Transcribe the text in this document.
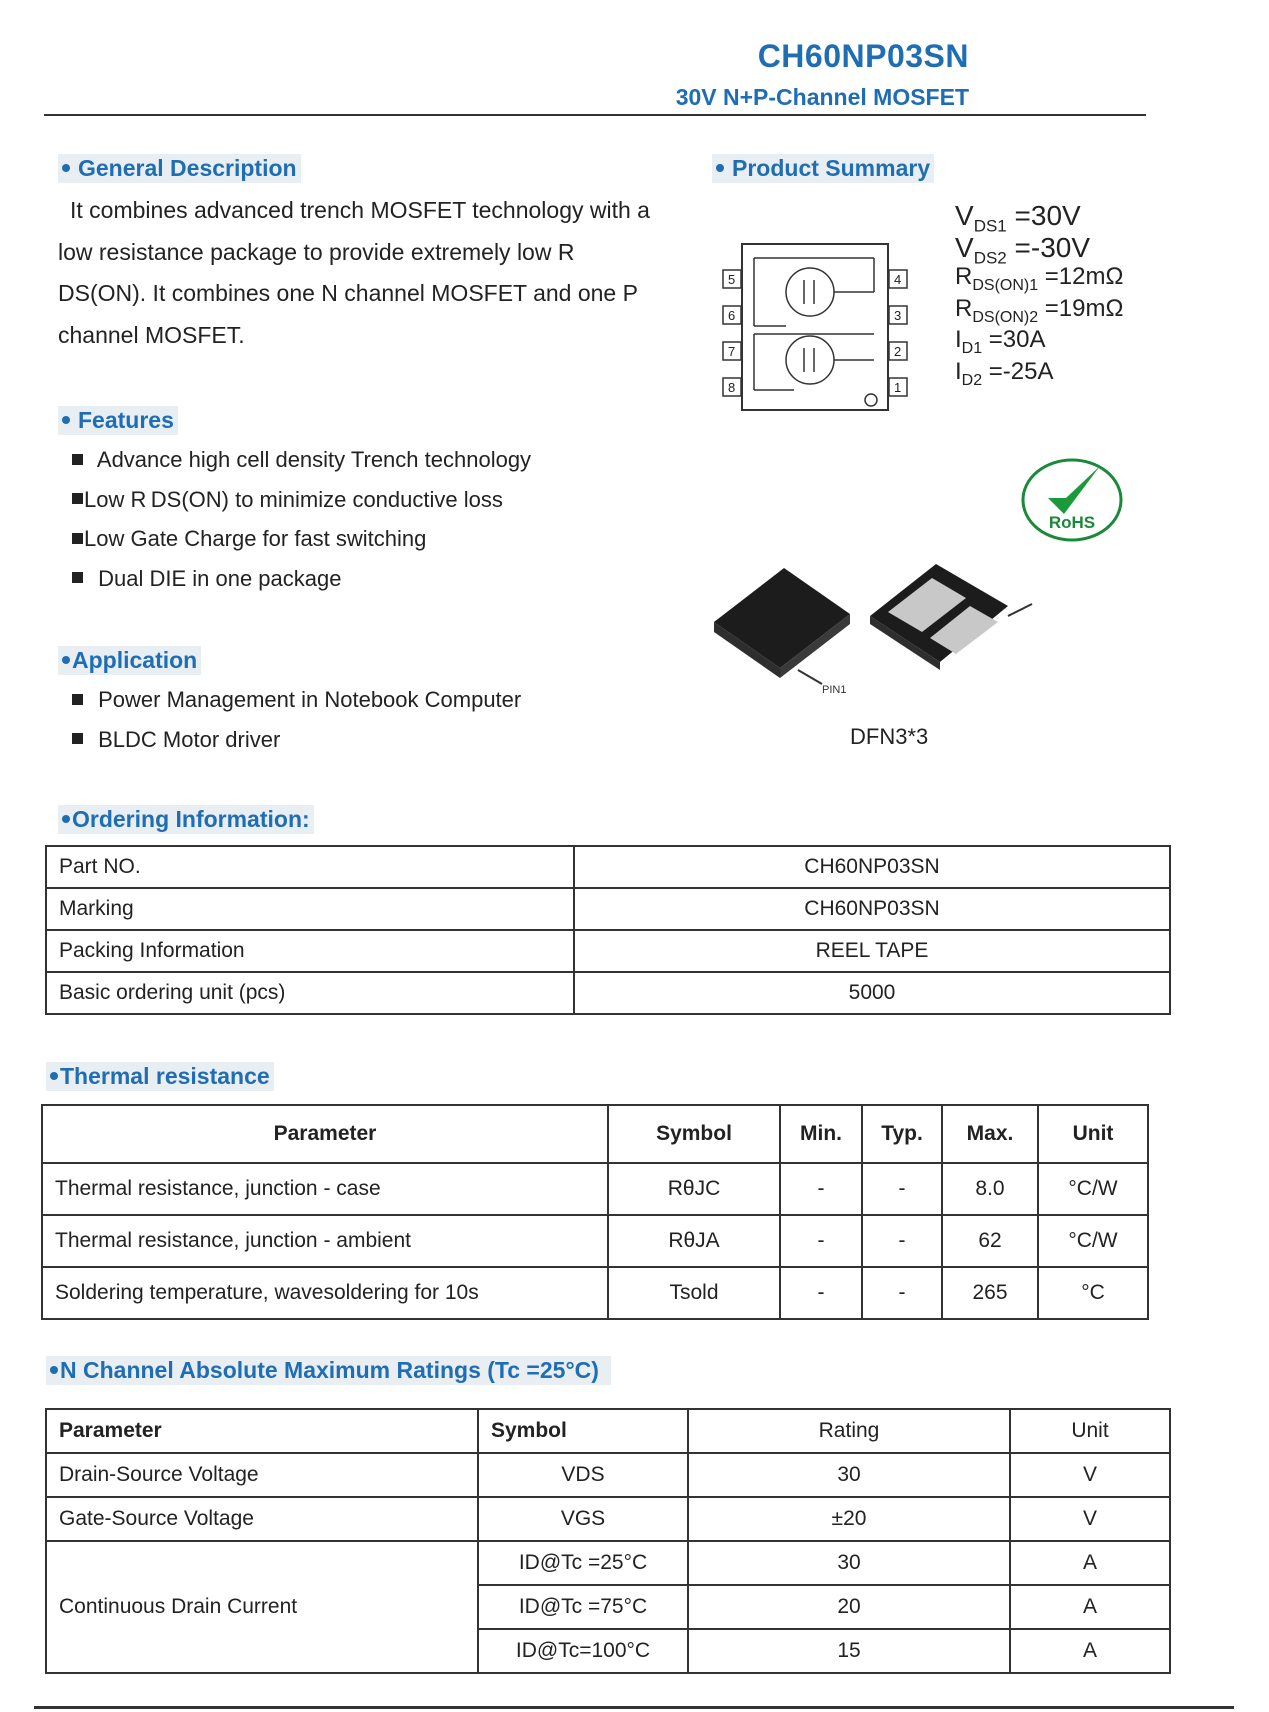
CH60NP03SN
30V N+P-Channel MOSFET
General Description
It combines advanced trench MOSFET technology with a low resistance package to provide extremely low R DS(ON). It combines one N channel MOSFET and one P channel MOSFET.
Product Summary
5
6
7
8
4
3
2
1
$V_{DS1} =30V$
$V_{DS2} =-30V$
$R_{DS(ON)1} =12m\Omega$
$R_{DS(ON)2} =19m\Omega$
$I_{D1} =30A$
$I_{D2} =-25A$
RoHS
PIN1
DFN3*3
Features
Advance high cell density Trench technology
Low R DS(ON) to minimize conductive loss
Low Gate Charge for fast switching
Dual DIE in one package
Application
Power Management in Notebook Computer
BLDC Motor driver
Ordering Information:
Part NO.	CH60NP03SN
Marking	CH60NP03SN
Packing Information	REEL TAPE
Basic ordering unit (pcs)	5000
Thermal resistance
Parameter	Symbol	Min.	Typ.	Max.	Unit
Thermal resistance, junction - case	RθJC	-	-	8.0	°C/W
Thermal resistance, junction - ambient	RθJA	-	-	62	°C/W
Soldering temperature, wavesoldering for 10s	Tsold	-	-	265	°C
N Channel Absolute Maximum Ratings (Tc =25°C)
Parameter	Symbol	Rating	Unit
Drain-Source Voltage	VDS	30	V
Gate-Source Voltage	VGS	±20	V
Continuous Drain Current	ID@Tc =25°C	30	A
	ID@Tc =75°C	20	A
	ID@Tc=100°C	15	A
